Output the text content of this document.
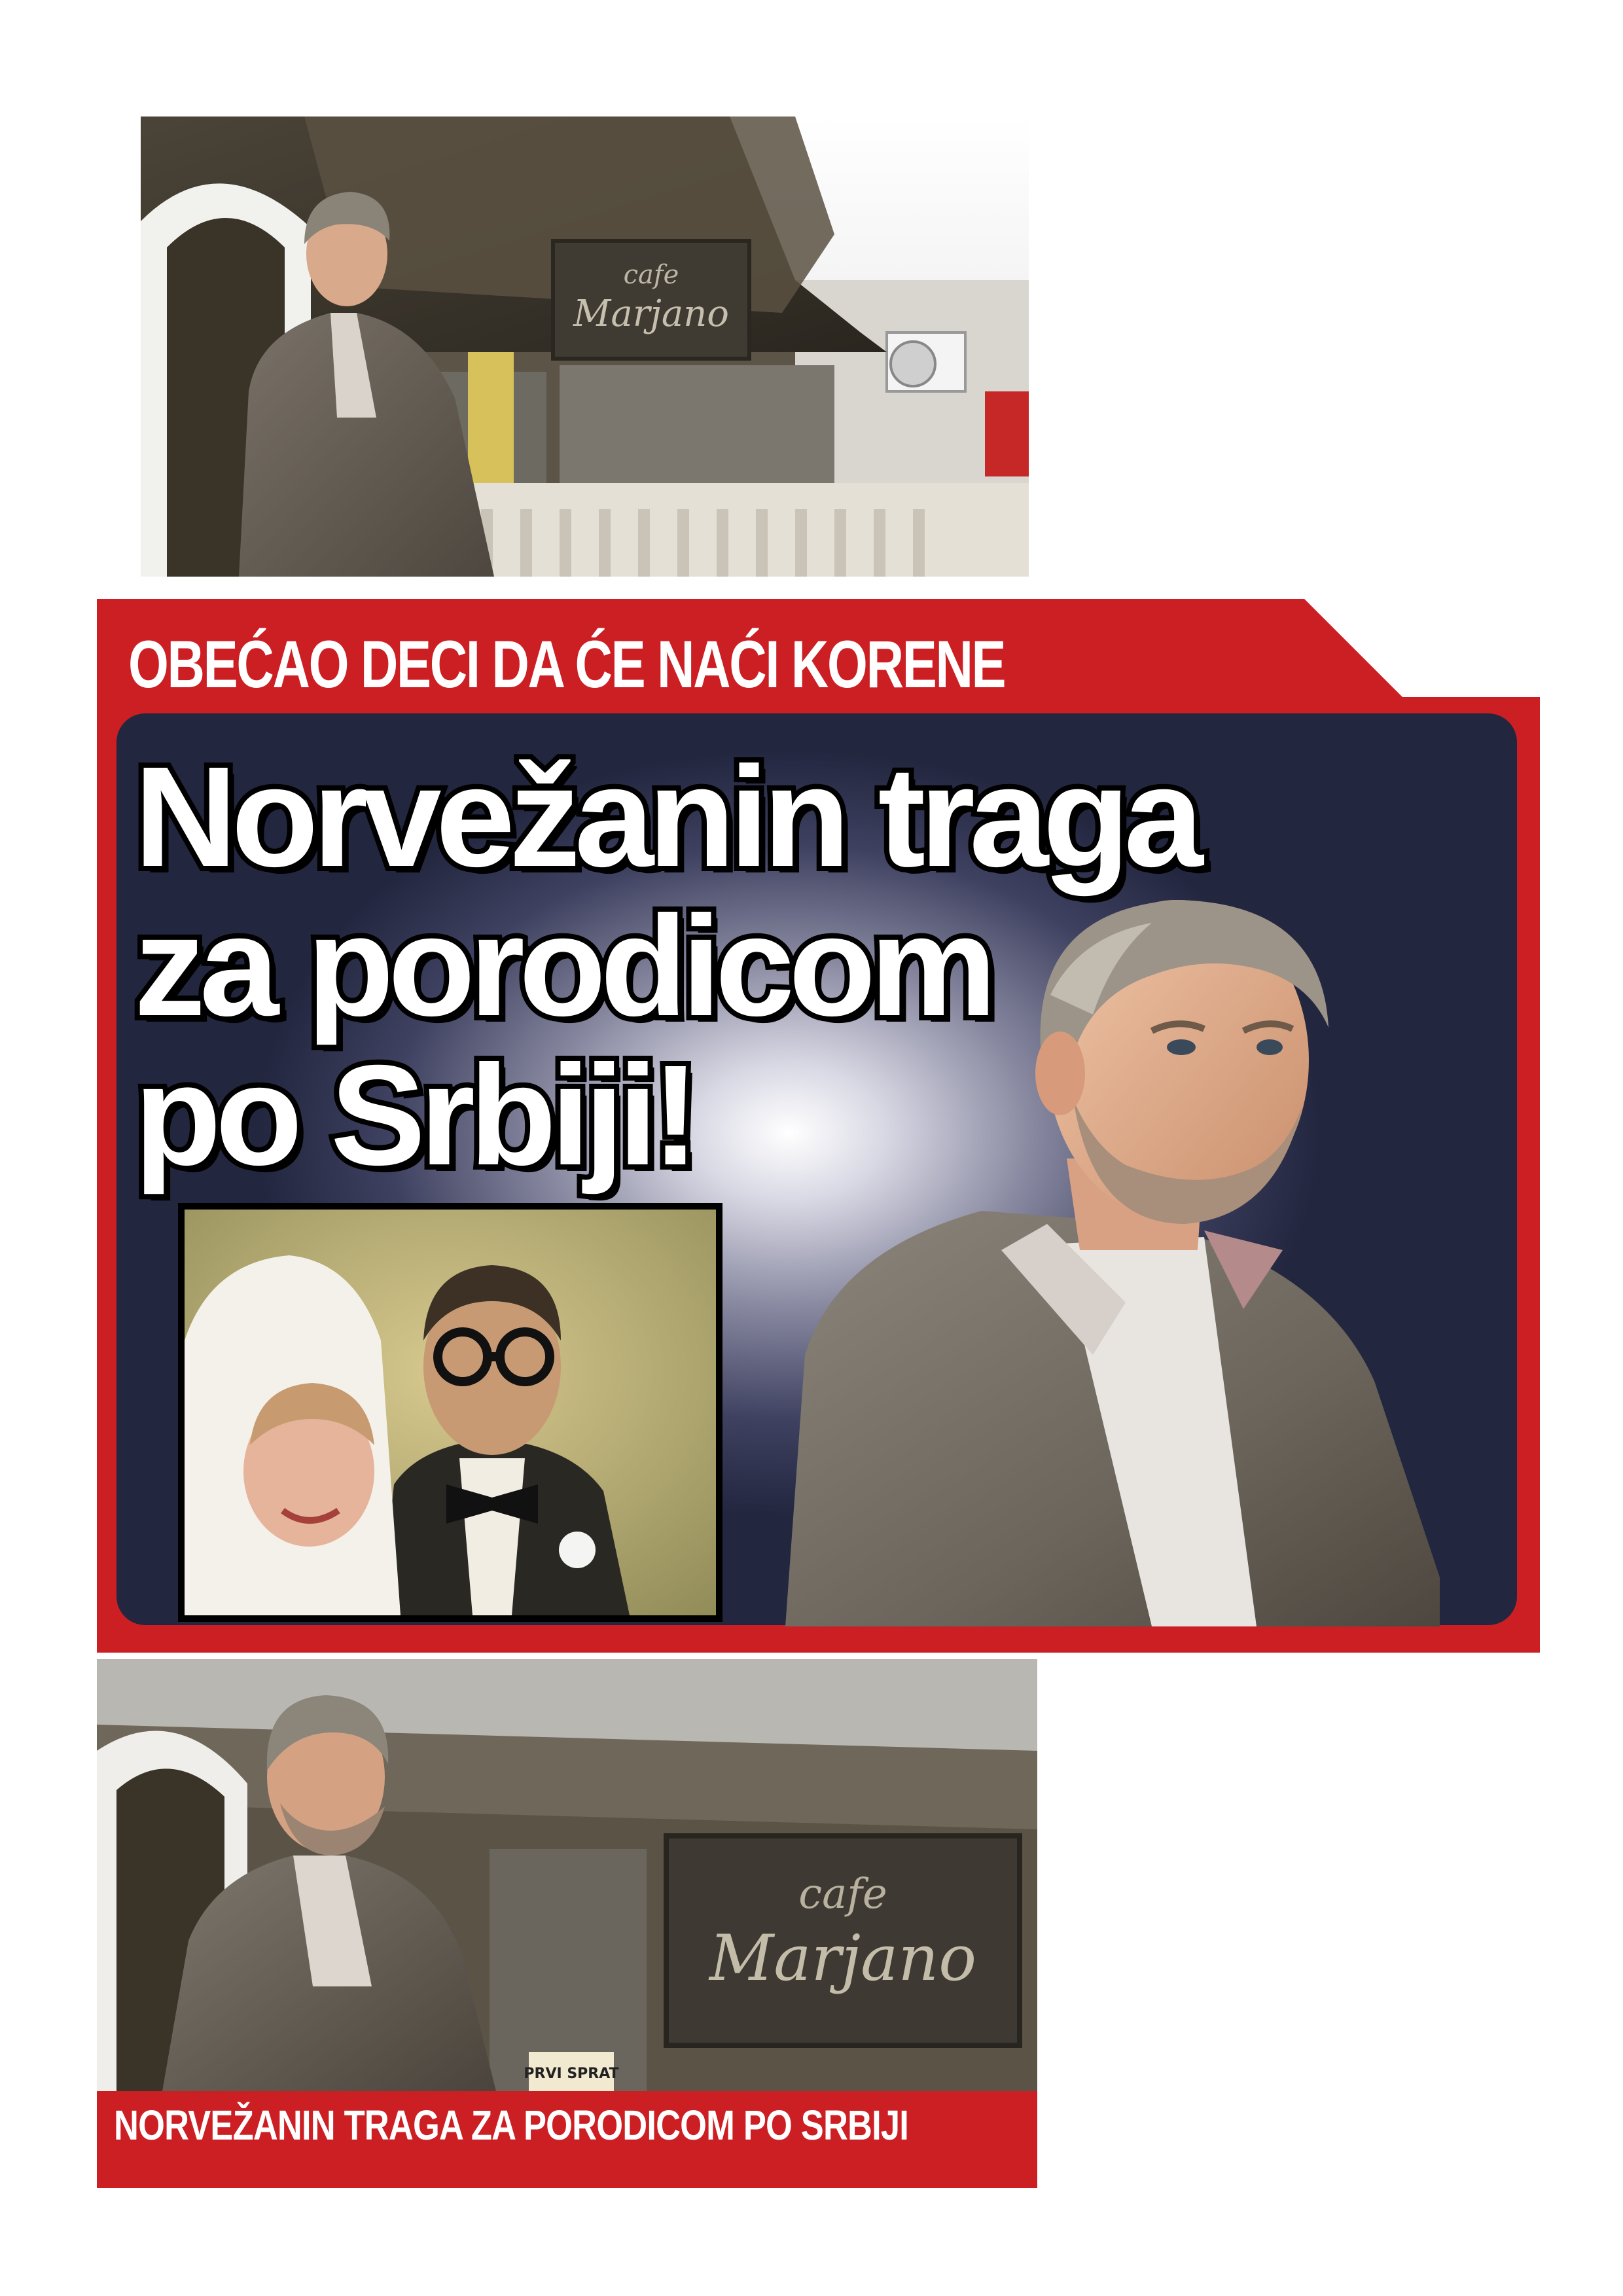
cafe
Marjano
OBEĆAO DECI DA ĆE NAĆI KORENE
Norvežanin traga
za porodicom
po Srbiji!
cafe
Marjano
PRVI SPRAT
NORVEŽANIN TRAGA ZA PORODICOM PO SRBIJI
